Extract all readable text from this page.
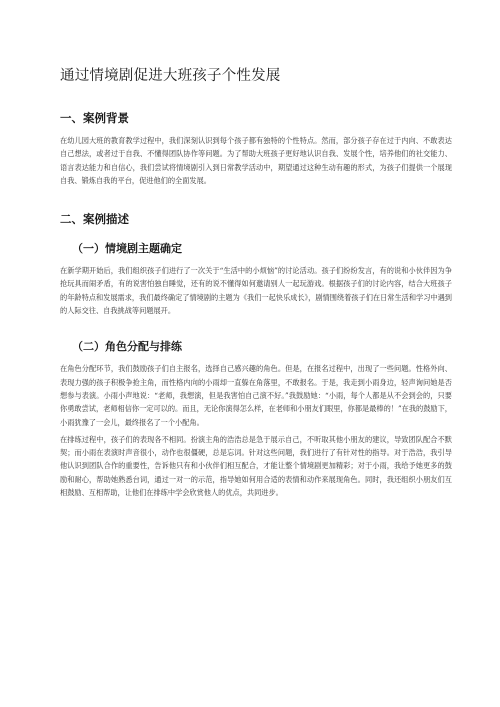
通过情境剧促进大班孩子个性发展
一、案例背景

在幼儿园大班的教育教学过程中，我们深刻认识到每个孩子都有独特的个性特点。然而，部分孩子存在过于内向、不敢表达自己想法，或者过于自我、不懂得团队协作等问题。为了帮助大班孩子更好地认识自我、发展个性，培养他们的社交能力、语言表达能力和自信心，我们尝试将情境剧引入到日常教学活动中，期望通过这种生动有趣的形式，为孩子们提供一个展现自我、锻炼自我的平台，促进他们的全面发展。

二、案例描述
（一）情境剧主题确定

在新学期开始后，我们组织孩子们进行了一次关于“生活中的小烦恼”的讨论活动。孩子们纷纷发言，有的说和小伙伴因为争抢玩具而闹矛盾，有的说害怕独自睡觉，还有的说不懂得如何邀请别人一起玩游戏。根据孩子们的讨论内容，结合大班孩子的年龄特点和发展需求，我们最终确定了情境剧的主题为《我们一起快乐成长》，剧情围绕着孩子们在日常生活和学习中遇到的人际交往、自我挑战等问题展开。

（二）角色分配与排练

在角色分配环节，我们鼓励孩子们自主报名，选择自己感兴趣的角色。但是，在报名过程中，出现了一些问题。性格外向、表现力强的孩子积极争抢主角，而性格内向的小雨却一直躲在角落里，不敢报名。于是，我走到小雨身边，轻声询问她是否想参与表演。小雨小声地说：“老师，我想演，但是我害怕自己演不好。”我鼓励她：“小雨，每个人都是从不会到会的，只要你勇敢尝试，老师相信你一定可以的。而且，无论你演得怎么样，在老师和小朋友们眼里，你都是最棒的！”在我的鼓励下，小雨犹豫了一会儿，最终报名了一个小配角。

在排练过程中，孩子们的表现各不相同。扮演主角的浩浩总是急于展示自己，不听取其他小朋友的建议，导致团队配合不默契；而小雨在表演时声音很小，动作也很僵硬，总是忘词。针对这些问题，我们进行了有针对性的指导。对于浩浩，我引导他认识到团队合作的重要性，告诉他只有和小伙伴们相互配合，才能让整个情境剧更加精彩；对于小雨，我给予她更多的鼓励和耐心，帮助她熟悉台词，通过一对一的示范，指导她如何用合适的表情和动作来展现角色。同时，我还组织小朋友们互相鼓励、互相帮助，让他们在排练中学会欣赏他人的优点，共同进步。
